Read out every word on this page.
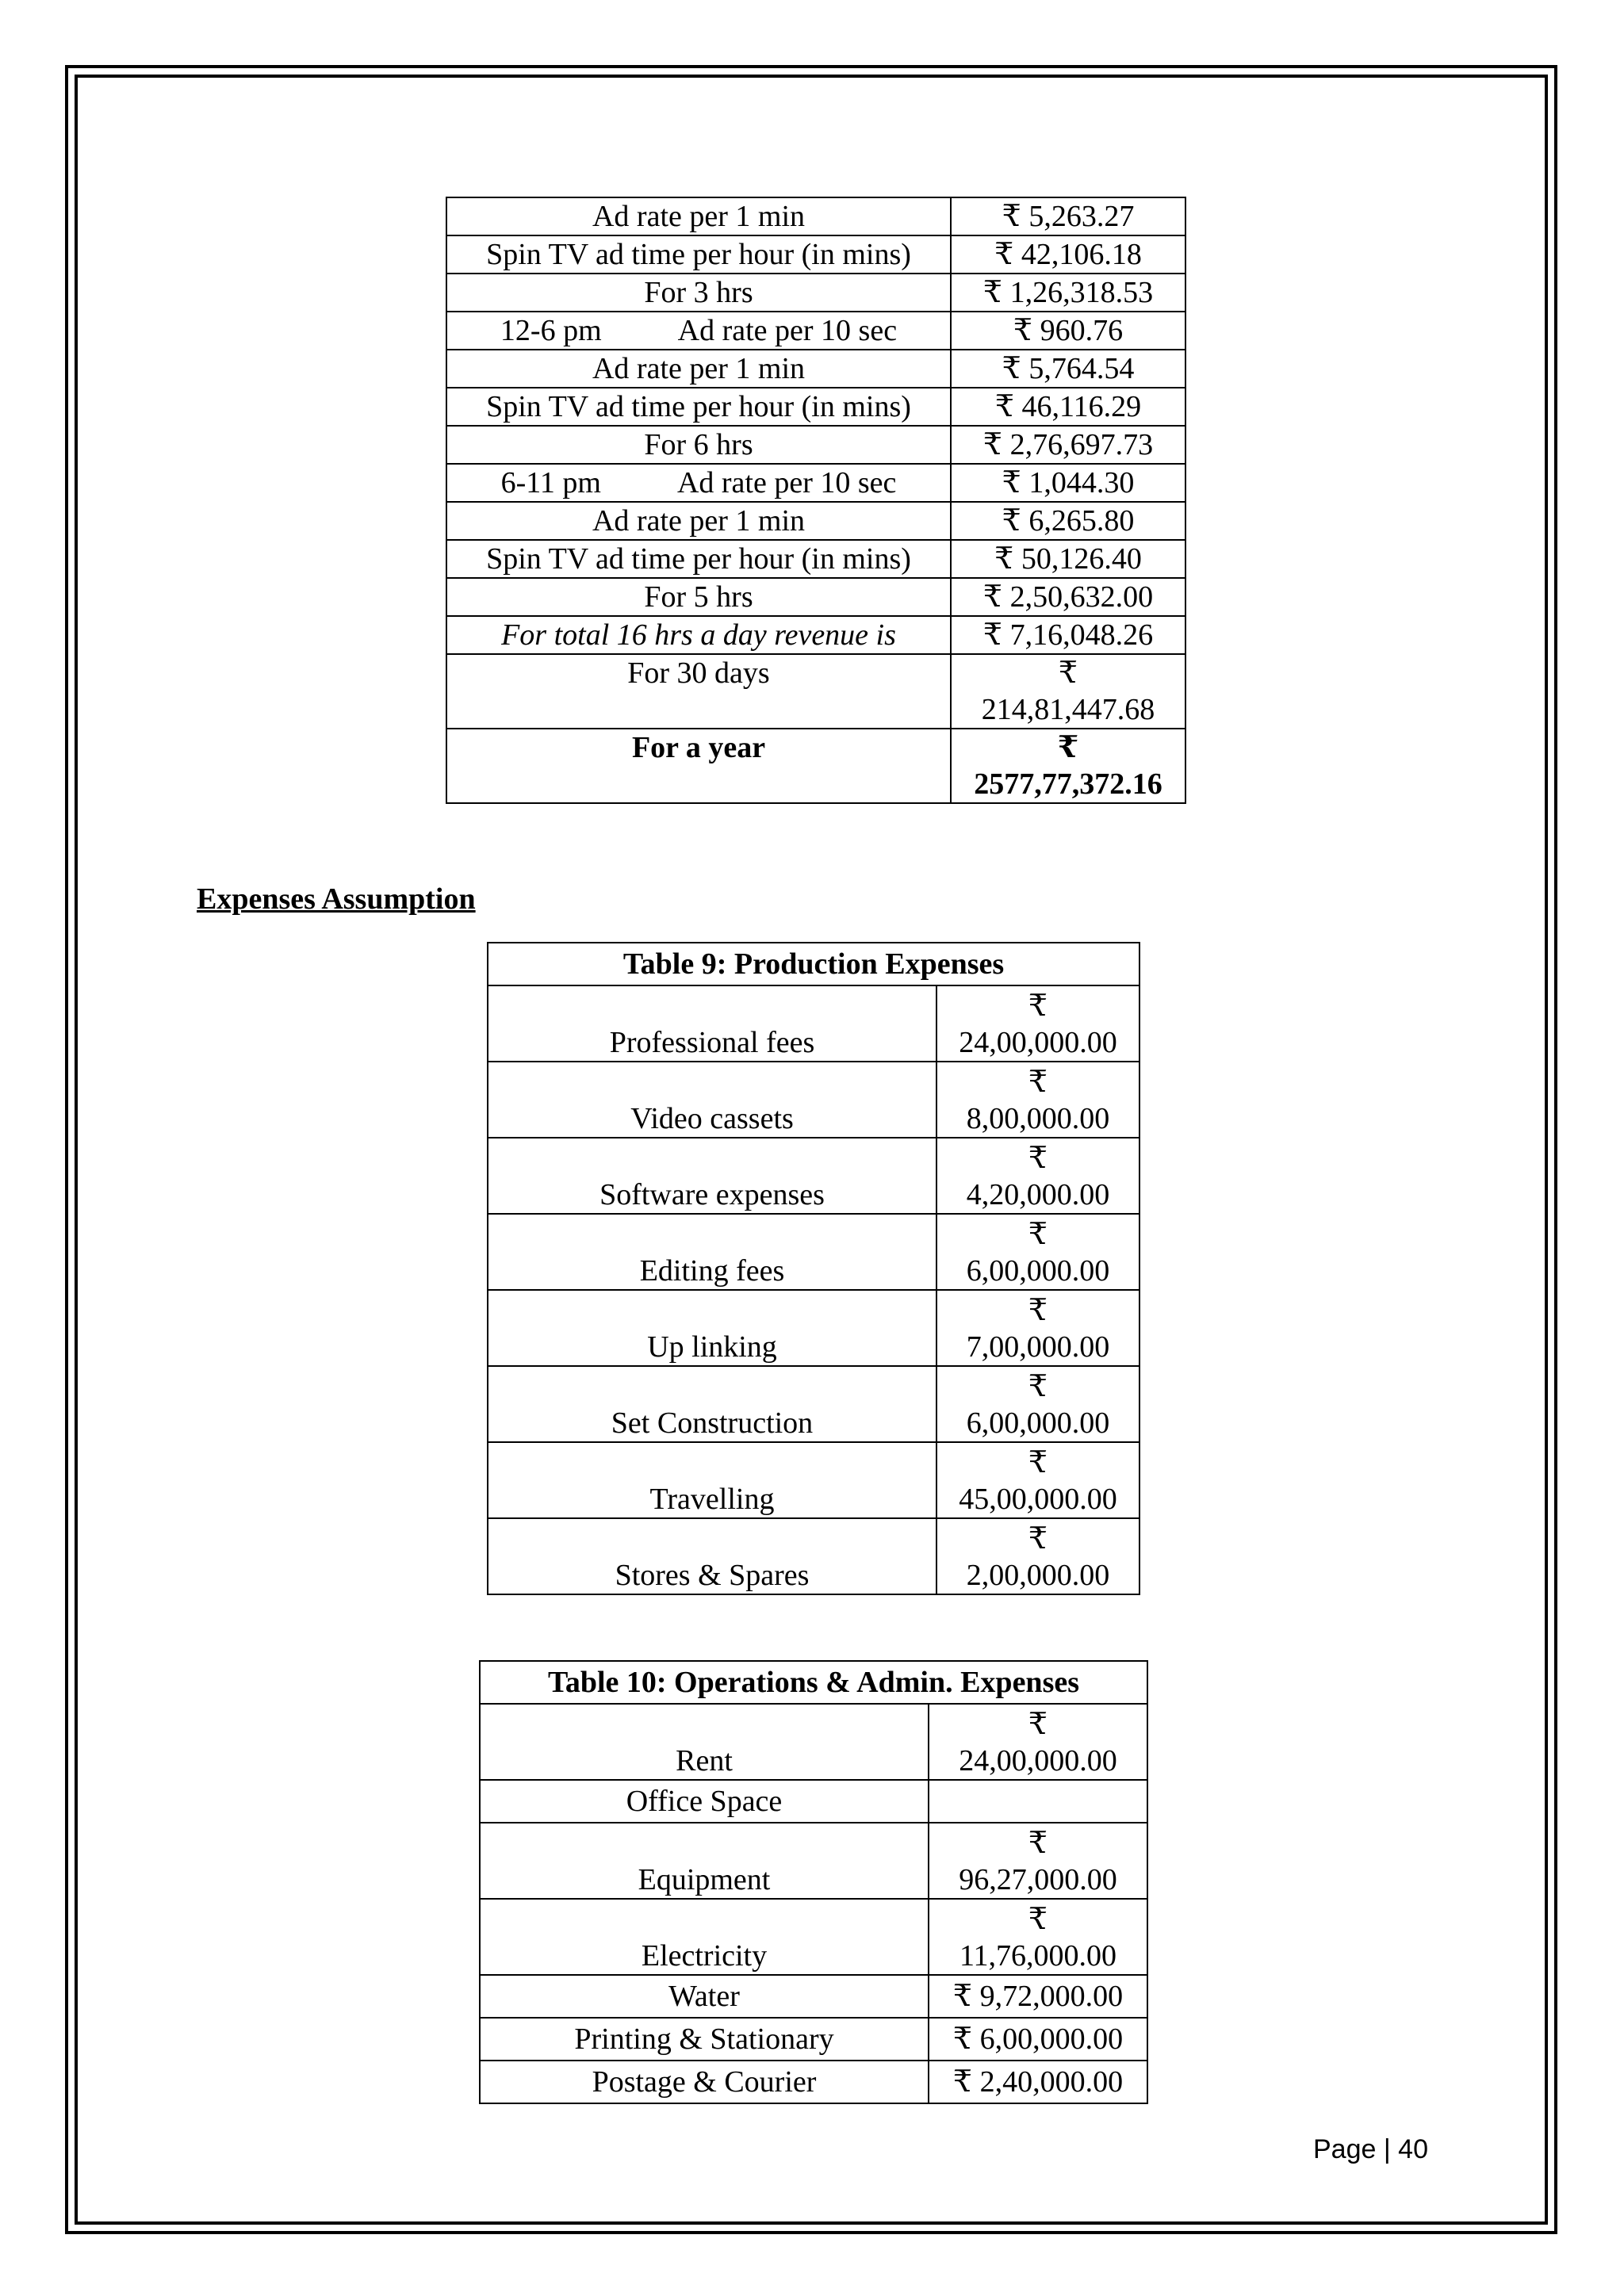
Ad rate per 1 min	₹ 5,263.27
Spin TV ad time per hour (in mins)	₹ 42,106.18
For 3 hrs	₹ 1,26,318.53

12-6 pm Ad rate per 10 sec	₹ 960.76
Ad rate per 1 min	₹ 5,764.54
Spin TV ad time per hour (in mins)	₹ 46,116.29
For 6 hrs	₹ 2,76,697.73

6-11 pm Ad rate per 10 sec	₹ 1,044.30
Ad rate per 1 min	₹ 6,265.80
Spin TV ad time per hour (in mins)	₹ 50,126.40
For 5 hrs	₹ 2,50,632.00
For total 16 hrs a day revenue is	₹ 7,16,048.26
For 30 days	₹
214,81,447.68

For a year	₹
2577,77,372.16
Expenses Assumption
Table 9: Production Expenses	
Professional fees	₹
24,00,000.00

Video cassets	₹
8,00,000.00

Software expenses	₹
4,20,000.00

Editing fees	₹
6,00,000.00

Up linking	₹
7,00,000.00

Set Construction	₹
6,00,000.00

Travelling	₹
45,00,000.00

Stores & Spares	₹
2,00,000.00
Table 10: Operations & Admin. Expenses	
Rent	₹
24,00,000.00

Office Space	
Equipment	₹
96,27,000.00

Electricity	₹
11,76,000.00

Water	₹ 9,72,000.00
Printing & Stationary	₹ 6,00,000.00
Postage & Courier	₹ 2,40,000.00
Page | 40
